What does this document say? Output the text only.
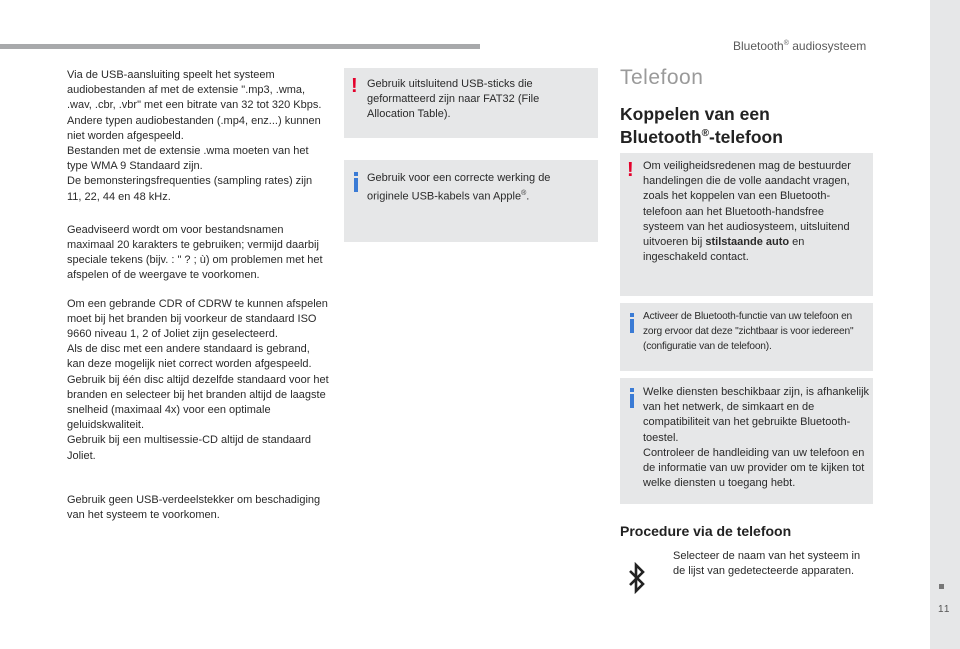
Bluetooth® audiosysteem
11

Via de USB-aansluiting speelt het systeem audiobestanden af met de extensie ".mp3, .wma, .wav, .cbr, .vbr" met een bitrate van 32 tot 320 Kbps.
Andere typen audiobestanden (.mp4, enz...) kunnen niet worden afgespeeld.
Bestanden met de extensie .wma moeten van het type WMA 9 Standaard zijn.
De bemonsteringsfrequenties (sampling rates) zijn 11, 22, 44 en 48 kHz.

Geadviseerd wordt om voor bestandsnamen maximaal 20 karakters te gebruiken; vermijd daarbij speciale tekens (bijv. : " ? ; ù) om problemen met het afspelen of de weergave te voorkomen.

Om een gebrande CDR of CDRW te kunnen afspelen moet bij het branden bij voorkeur de standaard ISO 9660 niveau 1, 2 of Joliet zijn geselecteerd.
Als de disc met een andere standaard is gebrand, kan deze mogelijk niet correct worden afgespeeld.
Gebruik bij één disc altijd dezelfde standaard voor het branden en selecteer bij het branden altijd de laagste snelheid (maximaal 4x) voor een optimale geluidskwaliteit.
Gebruik bij een multisessie-CD altijd de standaard Joliet.

Gebruik geen USB-verdeelstekker om beschadiging van het systeem te voorkomen.

! Gebruik uitsluitend USB-sticks die geformatteerd zijn naar FAT32 (File Allocation Table).
Gebruik voor een correcte werking de originele USB-kabels van Apple®.
Telefoon
Koppelen van een
Bluetooth®-telefoon
! Om veiligheidsredenen mag de bestuurder handelingen die de volle aandacht vragen, zoals het koppelen van een Bluetooth-telefoon aan het Bluetooth-handsfree systeem van het audiosysteem, uitsluitend uitvoeren bij stilstaande auto en ingeschakeld contact.
Activeer de Bluetooth-functie van uw telefoon en zorg ervoor dat deze "zichtbaar is voor iedereen" (configuratie van de telefoon).
Welke diensten beschikbaar zijn, is afhankelijk van het netwerk, de simkaart en de compatibiliteit van het gebruikte Bluetooth-toestel.
Controleer de handleiding van uw telefoon en de informatie van uw provider om te kijken tot welke diensten u toegang hebt.
Procedure via de telefoon
Selecteer de naam van het systeem in de lijst van gedetecteerde apparaten.
